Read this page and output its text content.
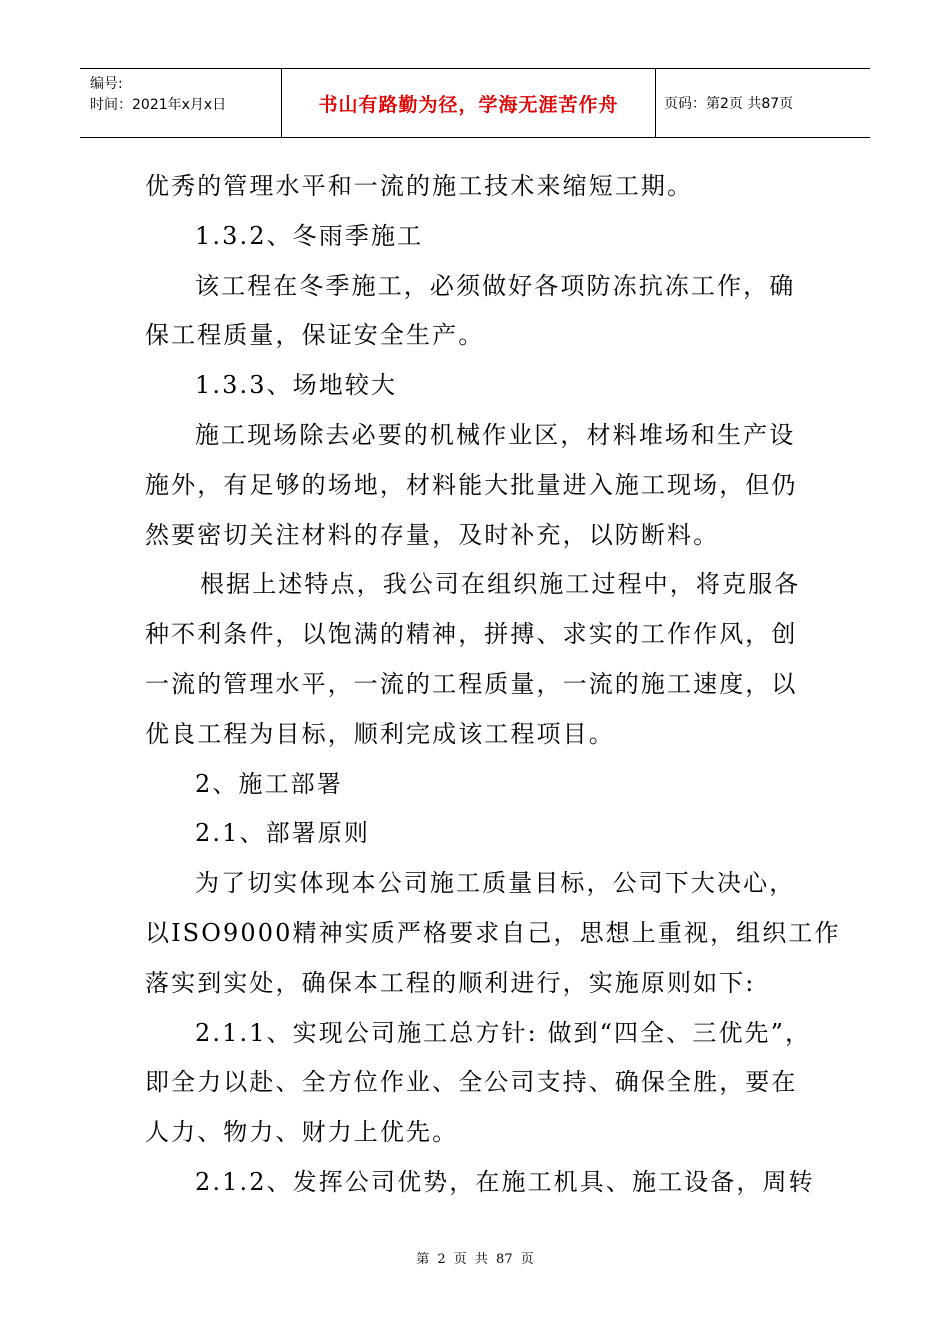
编号:
时间：2021年x月x日	书山有路勤为径，学海无涯苦作舟	页码：第2页 共87页
优秀的管理水平和一流的施工技术来缩短工期。
1.3.2、冬雨季施工
该工程在冬季施工，必须做好各项防冻抗冻工作，确
保工程质量，保证安全生产。
1.3.3、场地较大
施工现场除去必要的机械作业区，材料堆场和生产设
施外，有足够的场地，材料能大批量进入施工现场，但仍
然要密切关注材料的存量，及时补充，以防断料。
根据上述特点，我公司在组织施工过程中，将克服各
种不利条件，以饱满的精神，拼搏、求实的工作作风，创
一流的管理水平，一流的工程质量，一流的施工速度，以
优良工程为目标，顺利完成该工程项目。
2、施工部署
2.1、部署原则
为了切实体现本公司施工质量目标，公司下大决心，
以ISO9000精神实质严格要求自己，思想上重视，组织工作
落实到实处，确保本工程的顺利进行，实施原则如下:
2.1.1、实现公司施工总方针: 做到“四全、三优先”，
即全力以赴、全方位作业、全公司支持、确保全胜，要在
人力、物力、财力上优先。
2.1.2、发挥公司优势，在施工机具、施工设备，周转
第 2 页 共 87 页
